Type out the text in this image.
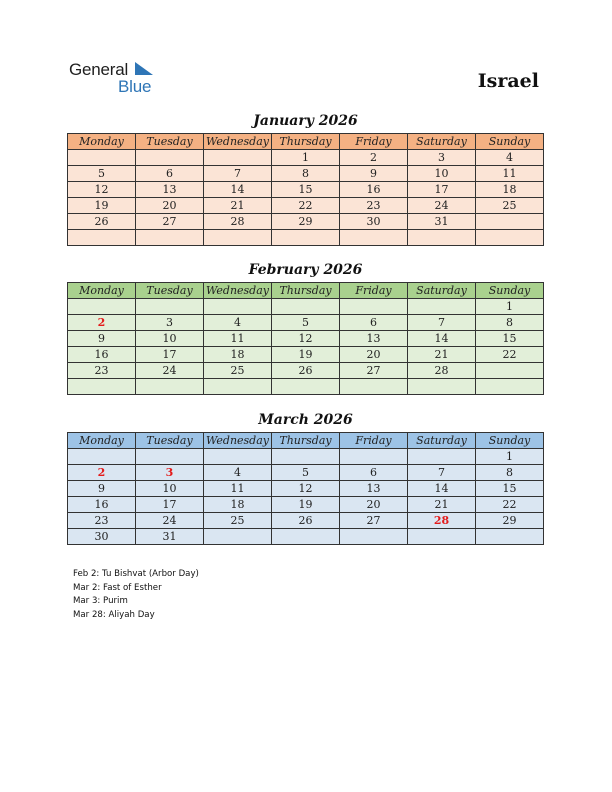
General
Blue	Israel
January 2026
Monday	Tuesday	Wednesday	Thursday	Friday	Saturday	Sunday
			1	2	3	4
5	6	7	8	9	10	11
12	13	14	15	16	17	18
19	20	21	22	23	24	25
26	27	28	29	30	31	

February 2026
Monday	Tuesday	Wednesday	Thursday	Friday	Saturday	Sunday
						1
2	3	4	5	6	7	8
9	10	11	12	13	14	15
16	17	18	19	20	21	22
23	24	25	26	27	28	

March 2026
Monday	Tuesday	Wednesday	Thursday	Friday	Saturday	Sunday
						1
2	3	4	5	6	7	8
9	10	11	12	13	14	15
16	17	18	19	20	21	22
23	24	25	26	27	28	29
30	31					
Feb 2: Tu Bishvat (Arbor Day)
Mar 2: Fast of Esther
Mar 3: Purim
Mar 28: Aliyah Day
